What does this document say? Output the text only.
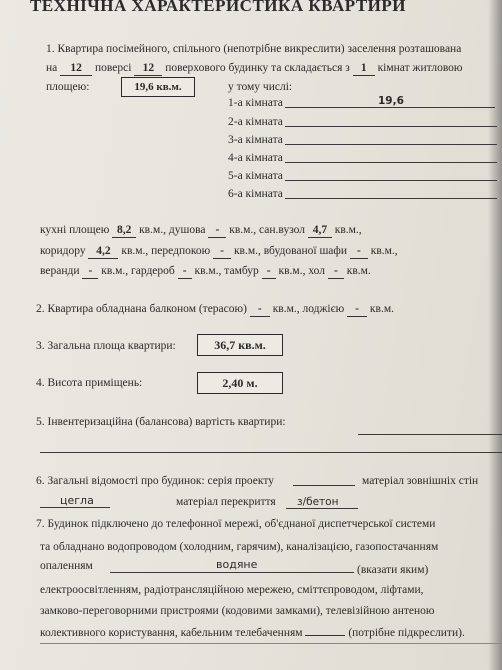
ТЕХНІЧНА ХАРАКТЕРИСТИКА КВАРТИРИ
1. Квартира посімейного, спільного (непотрібне викреслити) заселення розташована
на 12 поверсі 12 поверхового будинку та складається з 1 кімнат житловою
площею:	19,6 кв.м.	у тому числі:
1-а кімната	19,6
2-а кімната
3-а кімната
4-а кімната
5-а кімната
6-а кімната
кухні площею 8,2 кв.м., душова - кв.м., сан.вузол 4,7 кв.м.,
коридору 4,2 кв.м., передпокою - кв.м., вбудованої шафи - кв.м.,
веранди - кв.м., гардероб - кв.м., тамбур - кв.м., хол - кв.м.
2. Квартира обладнана балконом (терасою) - кв.м., лоджією - кв.м.
3. Загальна площа квартири:	36,7 кв.м.
4. Висота приміщень:	2,40 м.
5. Інвентеризаційна (балансова) вартість квартири:
6. Загальні відомості про будинок: серія проекту	матеріал зовнішніх стін
цегла	матеріал перекриття з/бетон
7. Будинок підключено до телефонної мережі, об'єднаної диспетчерської системи
та обладнано водопроводом (холодним, гарячим), каналізацією, газопостачанням
опаленням	водяне	(вказати яким)
електроосвітленням, радіотрансляційною мережею, сміттєпроводом, ліфтами,
замково-переговорними пристроями (кодовими замками), телевізійною антеною
колективного користування, кабельним телебаченням	(потрібне підкреслити).
